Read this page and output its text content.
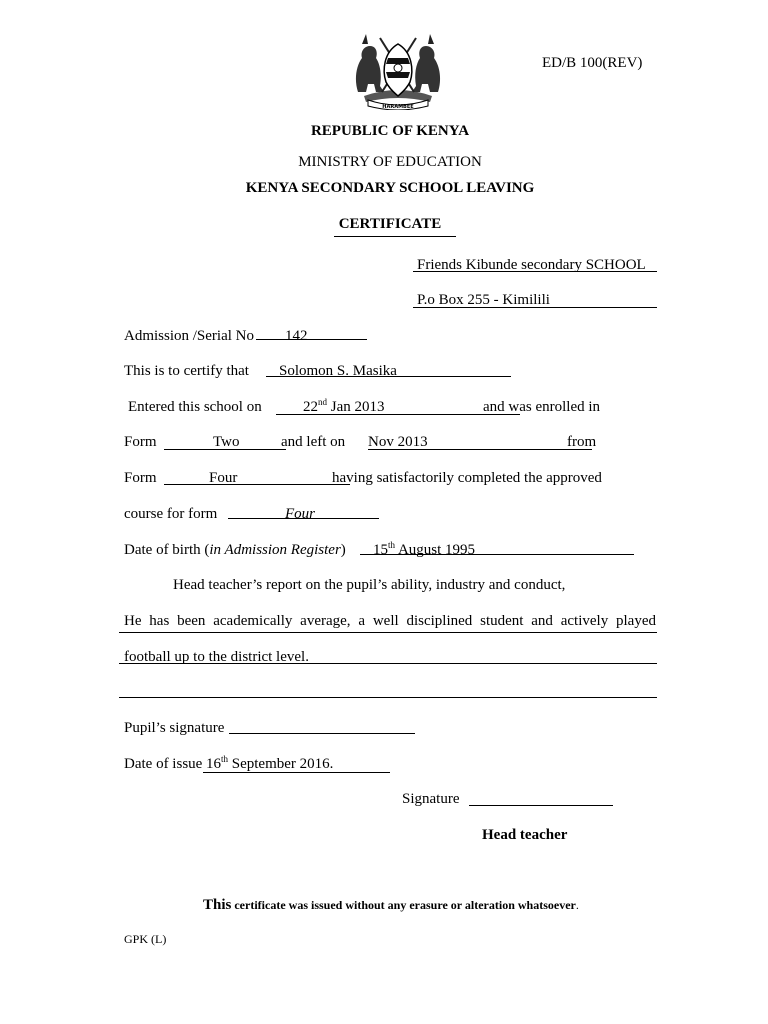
HARAMBEE
ED/B 100(REV)
REPUBLIC OF KENYA
MINISTRY OF EDUCATION
KENYA SECONDARY SCHOOL LEAVING
CERTIFICATE
Friends Kibunde secondary SCHOOL
P.o Box 255 - Kimilili
Admission /Serial No 142
This is to certify that Solomon S. Masika
Entered this school on	22nd Jan 2013	and was enrolled in
Form	Two	and left on Nov 2013	from
Form	Four	having satisfactorily completed the approved
course for form	Four
Date of birth (in Admission Register) 15th August 1995
Head teacher’s report on the pupil’s ability, industry and conduct,
He has been academically average, a well disciplined student and actively played
football up to the district level.
Pupil’s signature
Date of issue 16th September 2016.
Signature
Head teacher
This certificate was issued without any erasure or alteration whatsoever.
GPK (L)
